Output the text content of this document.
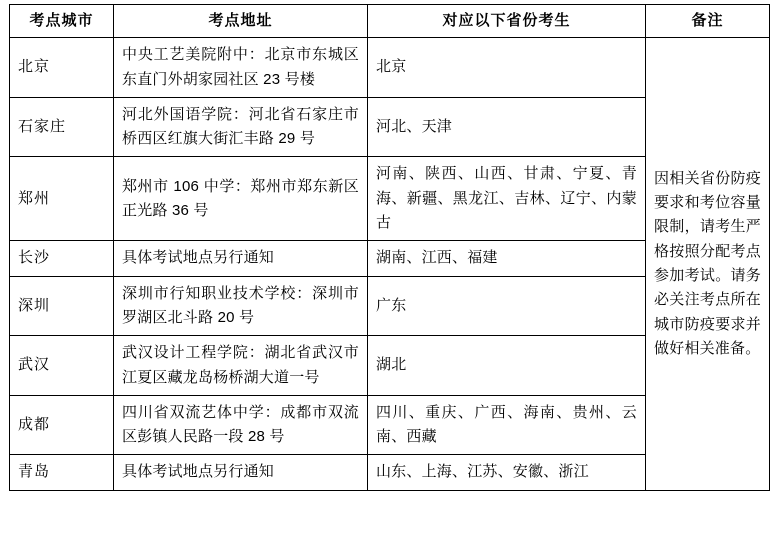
考点城市	考点地址	对应以下省份考生	备注
北京	中央工艺美院附中：北京市东城区东直门外胡家园社区 23 号楼	北京	因相关省份防疫要求和考位容量限制，请考生严格按照分配考点参加考试。请务必关注考点所在城市防疫要求并做好相关准备。

石家庄	河北外国语学院：河北省石家庄市桥西区红旗大街汇丰路 29 号	河北、天津	
郑州	郑州市 106 中学：郑州市郑东新区正光路 36 号	河南、陕西、山西、甘肃、宁夏、青海、新疆、黑龙江、吉林、辽宁、内蒙古	

长沙	具体考试地点另行通知	湖南、江西、福建	
深圳	深圳市行知职业技术学校：深圳市罗湖区北斗路 20 号	广东	
武汉	武汉设计工程学院：湖北省武汉市江夏区藏龙岛杨桥湖大道一号	湖北	
成都	四川省双流艺体中学：成都市双流区彭镇人民路一段 28 号	四川、重庆、广西、海南、贵州、云南、西藏	

青岛	具体考试地点另行通知	山东、上海、江苏、安徽、浙江	
